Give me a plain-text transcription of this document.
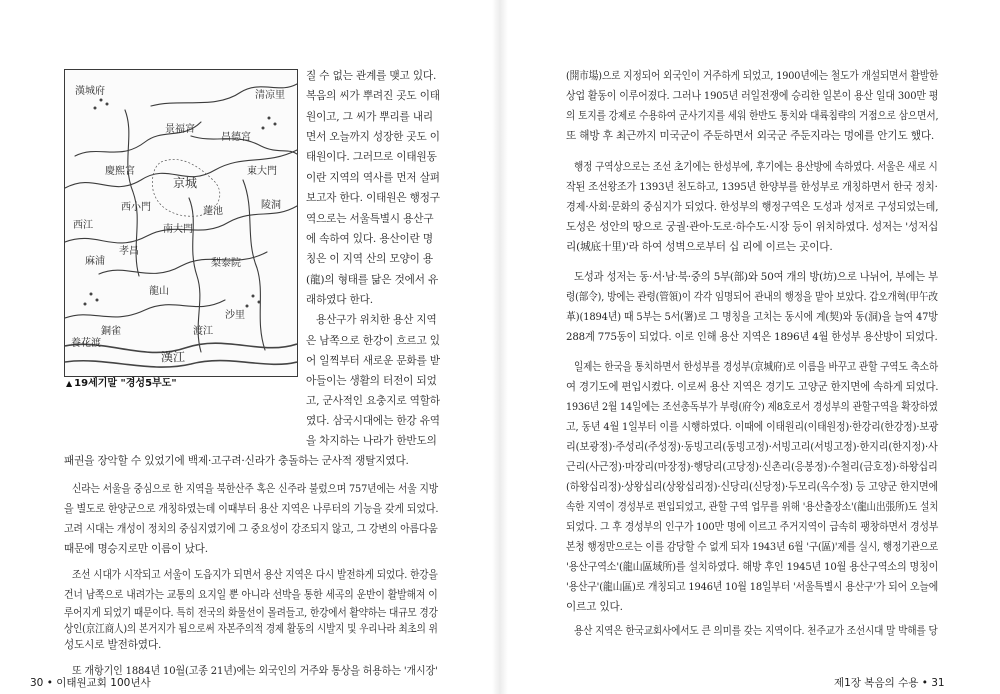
京城
景福宮
昌德宮
慶熙宮
南大門
東大門
龍山
西江
麻浦
漢江
蓮池
西小門	陵洞
梨泰院
清凉里
銅雀
孝昌
沙里
渡江
養花渡
漢城府
▲ 19세기말 "경성5부도"
질 수 없는 관계를 맺고 있다.
복음의 씨가 뿌려진 곳도 이태
원이고, 그 씨가 뿌리를 내리
면서 오늘까지 성장한 곳도 이
태원이다. 그러므로 이태원동
이란 지역의 역사를 먼저 살펴
보고자 한다. 이태원은 행정구
역으로는 서울특별시 용산구
에 속하여 있다. 용산이란 명
칭은 이 지역 산의 모양이 용
(龍)의 형태를 닮은 것에서 유
래하였다 한다.
용산구가 위치한 용산 지역
은 남쪽으로 한강이 흐르고 있
어 일찍부터 새로운 문화를 받
아들이는 생활의 터전이 되었
고, 군사적인 요충지로 역할하
였다. 삼국시대에는 한강 유역
을 차지하는 나라가 한반도의
패권을 장악할 수 있었기에 백제·고구려·신라가 충돌하는 군사적 쟁탈지였다.
신라는 서울을 중심으로 한 지역을 북한산주 혹은 신주라 불렀으며 757년에는 서울 지방
을 별도로 한양군으로 개칭하였는데 이때부터 용산 지역은 나루터의 기능을 갖게 되었다.
고려 시대는 개성이 정치의 중심지였기에 그 중요성이 강조되지 않고, 그 강변의 아름다움
때문에 명승지로만 이름이 났다.
조선 시대가 시작되고 서울이 도읍지가 되면서 용산 지역은 다시 발전하게 되었다. 한강을
건너 남쪽으로 내려가는 교통의 요지일 뿐 아니라 선박을 통한 세곡의 운반이 활발해져 이
루어지게 되었기 때문이다. 특히 전국의 화물선이 몰려들고, 한강에서 활약하는 대규모 경강
상인(京江商人)의 본거지가 됨으로써 자본주의적 경제 활동의 시발지 및 우리나라 최초의 위
성도시로 발전하였다.
또 개항기인 1884년 10월(고종 21년)에는 외국인의 거주와 통상을 허용하는 '개시장'
30 • 이태원교회 100년사
(開市場)으로 지정되어 외국인이 거주하게 되었고, 1900년에는 철도가 개설되면서 활발한
상업 활동이 이루어졌다. 그러나 1905년 러일전쟁에 승리한 일본이 용산 일대 300만 평
의 토지를 강제로 수용하여 군사기지를 세워 한반도 통치와 대륙침략의 거점으로 삼으면서,
또 해방 후 최근까지 미국군이 주둔하면서 외국군 주둔지라는 멍에를 안기도 했다.
행정 구역상으로는 조선 초기에는 한성부에, 후기에는 용산방에 속하였다. 서울은 새로 시
작된 조선왕조가 1393년 천도하고, 1395년 한양부를 한성부로 개칭하면서 한국 정치·
경제·사회·문화의 중심지가 되었다. 한성부의 행정구역은 도성과 성저로 구성되었는데,
도성은 성안의 땅으로 궁궐·관아·도로·하수도·시장 등이 위치하였다. 성저는 '성저십
리(城底十里)'라 하여 성벽으로부터 십 리에 이르는 곳이다.
도성과 성저는 동·서·남·북·중의 5부(部)와 50여 개의 방(坊)으로 나뉘어, 부에는 부
령(部令), 방에는 관령(管領)이 각각 임명되어 관내의 행정을 맡아 보았다. 갑오개혁(甲午改
革)(1894년) 때 5부는 5서(署)로 그 명칭을 고치는 동시에 계(契)와 동(洞)을 늘여 47방
288계 775동이 되었다. 이로 인해 용산 지역은 1896년 4월 한성부 용산방이 되었다.
일제는 한국을 통치하면서 한성부를 경성부(京城府)로 이름을 바꾸고 관할 구역도 축소하
여 경기도에 편입시켰다. 이로써 용산 지역은 경기도 고양군 한지면에 속하게 되었다.
1936년 2월 14일에는 조선총독부가 부령(府令) 제8호로서 경성부의 관할구역을 확장하였
고, 동년 4월 1일부터 이를 시행하였다. 이때에 이태원리(이태원정)·한강리(한강정)·보광
리(보광정)·주성리(주성정)·동빙고리(동빙고정)·서빙고리(서빙고정)·한지리(한지정)·사
근리(사근정)·마장리(마장정)·행당리(고당정)·신촌리(응봉정)·수철리(금호정)·하왕십리
(하왕십리정)·상왕십리(상왕십리정)·신당리(신당정)·두모리(옥수정) 등 고양군 한지면에
속한 지역이 경성부로 편입되었고, 관할 구역 업무를 위해 '용산출장소'(龍山出張所)도 설치
되었다. 그 후 경성부의 인구가 100만 명에 이르고 주거지역이 급속히 팽창하면서 경성부
본청 행정만으로는 이를 감당할 수 없게 되자 1943년 6월 '구(區)'제를 실시, 행정기관으로
'용산구역소'(龍山區域所)를 설치하였다. 해방 후인 1945년 10월 용산구역소의 명칭이
'용산구'(龍山區)로 개칭되고 1946년 10월 18일부터 '서울특별시 용산구'가 되어 오늘에
이르고 있다.
용산 지역은 한국교회사에서도 큰 의미를 갖는 지역이다. 천주교가 조선시대 말 박해를 당
제1장 복음의 수용 • 31
